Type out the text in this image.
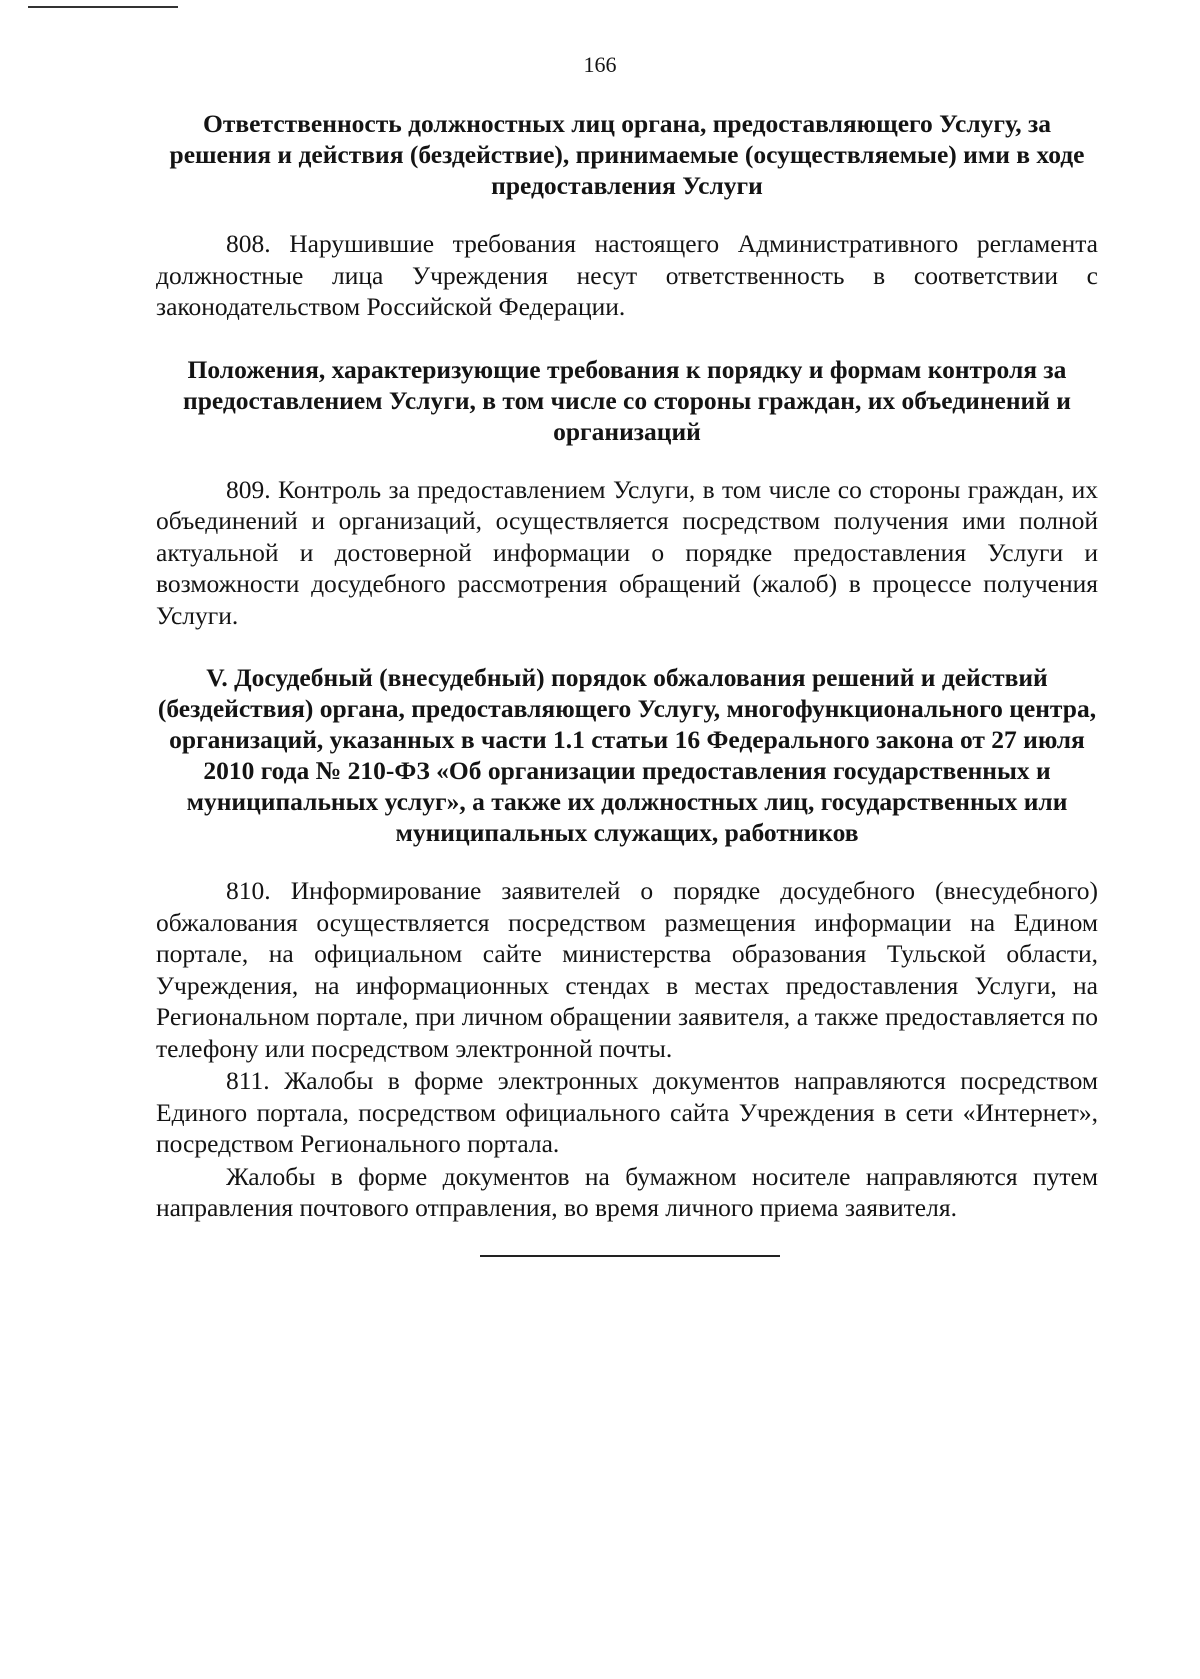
166

Ответственность должностных лиц органа, предоставляющего Услугу, за решения и действия (бездействие), принимаемые (осуществляемые) ими в ходе предоставления Услуги

808. Нарушившие требования настоящего Административного регламента должностные лица Учреждения несут ответственность в соответствии с законодательством Российской Федерации.

Положения, характеризующие требования к порядку и формам контроля за предоставлением Услуги, в том числе со стороны граждан, их объединений и организаций

809. Контроль за предоставлением Услуги, в том числе со стороны граждан, их объединений и организаций, осуществляется посредством получения ими полной актуальной и достоверной информации о порядке предоставления Услуги и возможности досудебного рассмотрения обращений (жалоб) в процессе получения Услуги.

V. Досудебный (внесудебный) порядок обжалования решений и действий (бездействия) органа, предоставляющего Услугу, многофункционального центра, организаций, указанных в части 1.1 статьи 16 Федерального закона от 27 июля 2010 года № 210-ФЗ «Об организации предоставления государственных и муниципальных услуг», а также их должностных лиц, государственных или муниципальных служащих, работников

810. Информирование заявителей о порядке досудебного (внесудебного) обжалования осуществляется посредством размещения информации на Едином портале, на официальном сайте министерства образования Тульской области, Учреждения, на информационных стендах в местах предоставления Услуги, на Региональном портале, при личном обращении заявителя, а также предоставляется по телефону или посредством электронной почты.

811. Жалобы в форме электронных документов направляются посредством Единого портала, посредством официального сайта Учреждения в сети «Интернет», посредством Регионального портала.

Жалобы в форме документов на бумажном носителе направляются путем направления почтового отправления, во время личного приема заявителя.
